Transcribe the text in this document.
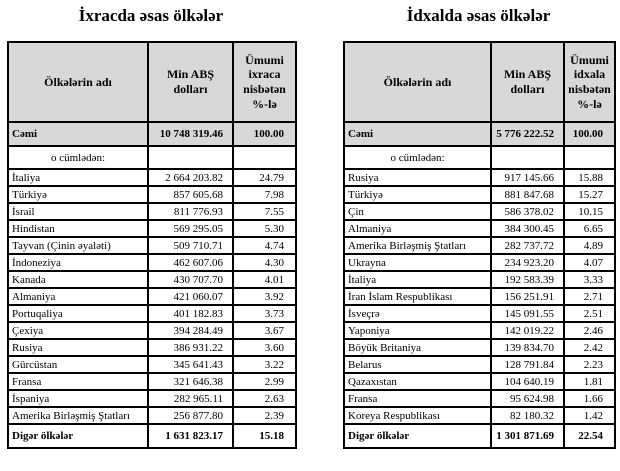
İxracda əsas ölkələr
Ölkələrin adı	Min ABŞ dolları	Ümumi ixraca nisbətən %-lə
Cəmi	10 748 319.46	100.00
o cümlədən:		
İtaliya	2 664 203.82	24.79
Türkiyə	857 605.68	7.98
İsrail	811 776.93	7.55
Hindistan	569 295.05	5.30
Tayvan (Çinin əyaləti)	509 710.71	4.74
İndoneziya	462 607.06	4.30
Kanada	430 707.70	4.01
Almaniya	421 060.07	3.92
Portuqaliya	401 182.83	3.73
Çexiya	394 284.49	3.67
Rusiya	386 931.22	3.60
Gürcüstan	345 641.43	3.22
Fransa	321 646.38	2.99
İspaniya	282 965.11	2.63
Amerika Birləşmiş Ştatları	256 877.80	2.39
Digər ölkələr	1 631 823.17	15.18
İdxalda əsas ölkələr
Ölkələrin adı	Min ABŞ dolları	Ümumi idxala nisbətən %-lə
Cəmi	5 776 222.52	100.00
o cümlədən:		
Rusiya	917 145.66	15.88
Türkiyə	881 847.68	15.27
Çin	586 378.02	10.15
Almaniya	384 300.45	6.65
Amerika Birləşmiş Ştatları	282 737.72	4.89
Ukrayna	234 923.20	4.07
İtaliya	192 583.39	3.33
İran İslam Respublikası	156 251.91	2.71
İsveçrə	145 091.55	2.51
Yaponiya	142 019.22	2.46
Böyük Britaniya	139 834.70	2.42
Belarus	128 791.84	2.23
Qazaxıstan	104 640.19	1.81
Fransa	95 624.98	1.66
Koreya Respublikası	82 180.32	1.42
Digər ölkələr	1 301 871.69	22.54
